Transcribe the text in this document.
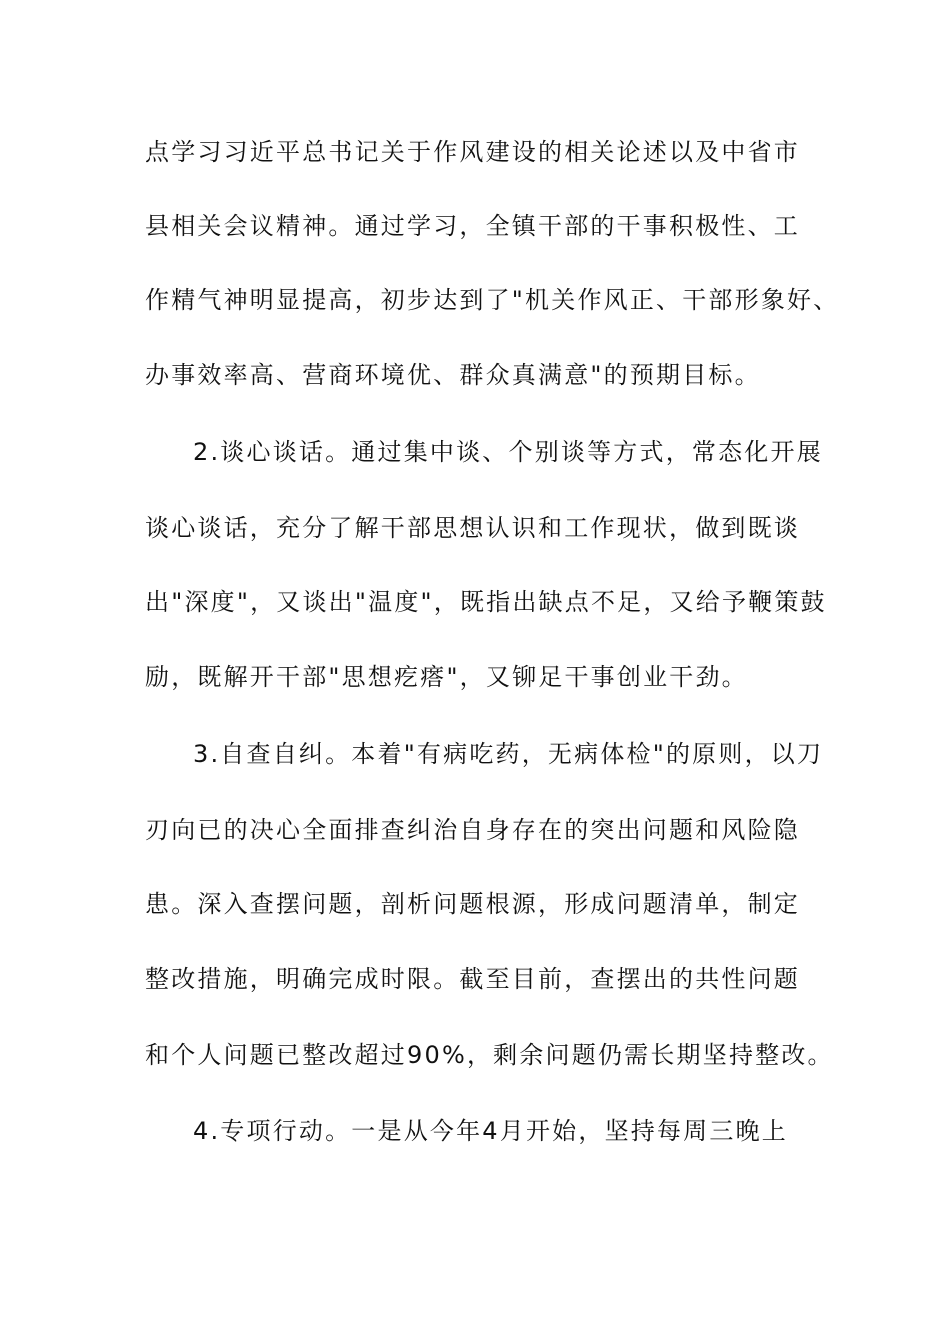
点学习习近平总书记关于作风建设的相关论述以及中省市
县相关会议精神。通过学习，全镇干部的干事积极性、工
作精气神明显提高，初步达到了"机关作风正、干部形象好、
办事效率高、营商环境优、群众真满意"的预期目标。
2.谈心谈话。通过集中谈、个别谈等方式，常态化开展
谈心谈话，充分了解干部思想认识和工作现状，做到既谈
出"深度"，又谈出"温度"，既指出缺点不足，又给予鞭策鼓
励，既解开干部"思想疙瘩"，又铆足干事创业干劲。
3.自查自纠。本着"有病吃药，无病体检"的原则，以刀
刃向已的决心全面排查纠治自身存在的突出问题和风险隐
患。深入查摆问题，剖析问题根源，形成问题清单，制定
整改措施，明确完成时限。截至目前，查摆出的共性问题
和个人问题已整改超过90%，剩余问题仍需长期坚持整改。
4.专项行动。一是从今年4月开始，坚持每周三晚上
